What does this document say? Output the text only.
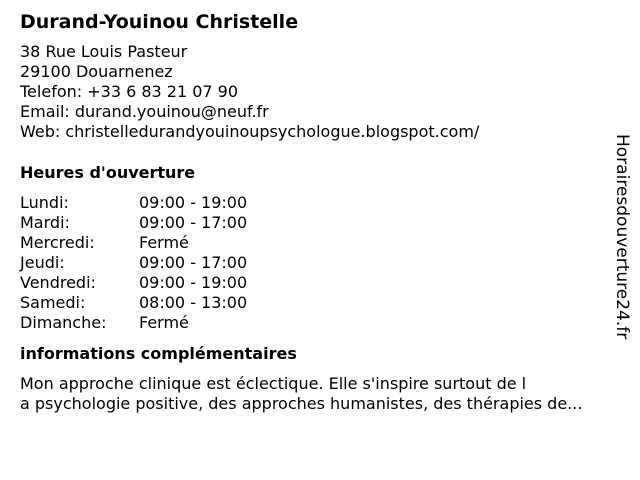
Durand-Youinou Christelle
38 Rue Louis Pasteur
29100 Douarnenez
Telefon: +33 6 83 21 07 90
Email: durand.youinou@neuf.fr
Web: christelledurandyouinoupsychologue.blogspot.com/
Heures d'ouverture
Lundi:	09:00 - 19:00
Mardi:	09:00 - 17:00
Mercredi:	Fermé
Jeudi:	09:00 - 17:00
Vendredi:	09:00 - 19:00
Samedi:	08:00 - 13:00
Dimanche: Fermé
informations complémentaires
Mon approche clinique est éclectique. Elle s'inspire surtout de l
a psychologie positive, des approches humanistes, des thérapies de...
Horairesdouverture24.fr
